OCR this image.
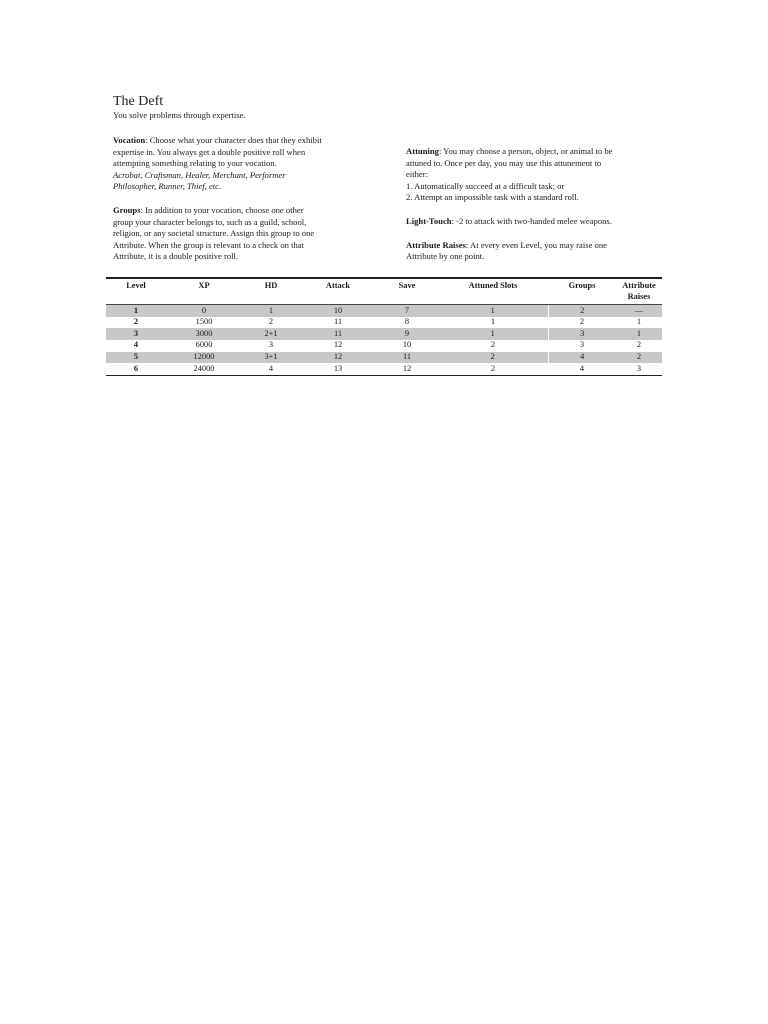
The Deft
You solve problems through expertise.
Vocation: Choose what your character does that they exhibit
expertise in. You always get a double positive roll when
attempting something relating to your vocation.
Acrobat, Craftsman, Healer, Merchant, Performer
Philosopher, Runner, Thief, etc.
Groups: In addition to your vocation, choose one other
group your character belongs to, such as a guild, school,
religion, or any societal structure. Assign this group to one
Attribute. When the group is relevant to a check on that
Attribute, it is a double positive roll.
Attuning: You may choose a person, object, or animal to be
attuned to. Once per day, you may use this attunement to
either:
1. Automatically succeed at a difficult task; or
2. Attempt an impossible task with a standard roll.
Light-Touch: -2 to attack with two-handed melee weapons.
Attribute Raises: At every even Level, you may raise one
Attribute by one point.
Level	XP	HD	Attack	Save	Attuned Slots	Groups	Attribute
Raises
1	0	1	10	7	1	2	—
2	1500	2	11	8	1	2	1
3	3000	2+1	11	9	1	3	1
4	6000	3	12	10	2	3	2
5	12000	3+1	12	11	2	4	2
6	24000	4	13	12	2	4	3
